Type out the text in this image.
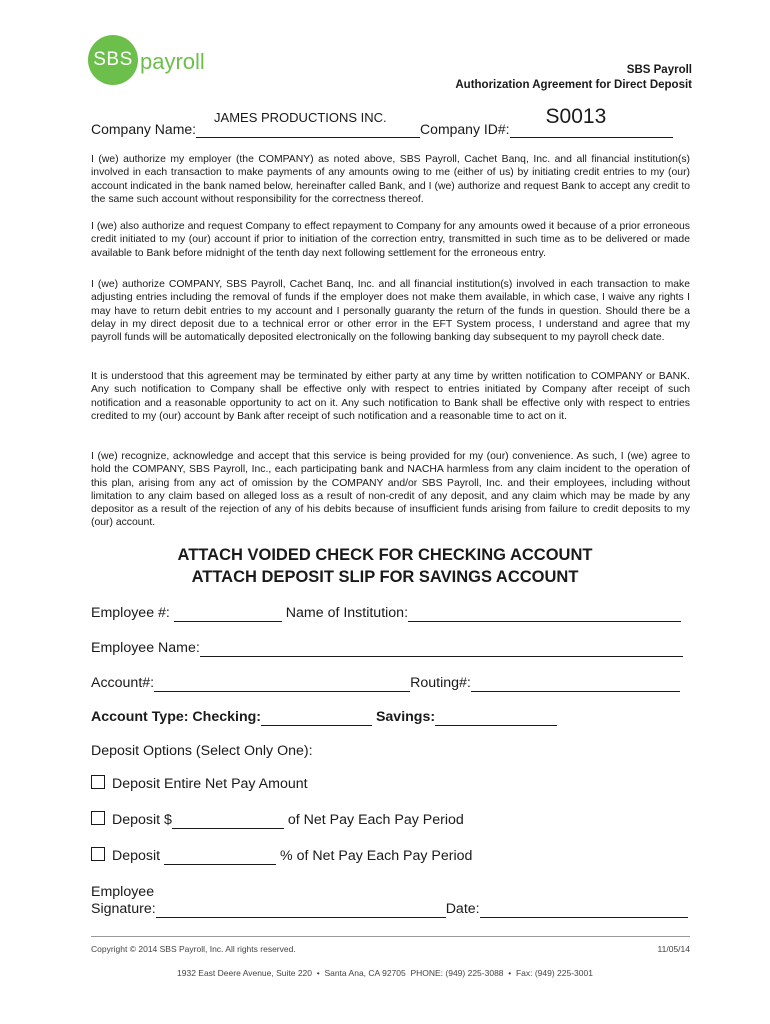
SBS payroll	SBS Payroll
Authorization Agreement for Direct Deposit
Company Name:
JAMES PRODUCTIONS INC.
Company ID#:
S0013

I (we) authorize my employer (the COMPANY) as noted above, SBS Payroll, Cachet Banq, Inc. and all financial institution(s) involved in each transaction to make payments of any amounts owing to me (either of us) by initiating credit entries to my (our) account indicated in the bank named below, hereinafter called Bank, and I (we) authorize and request Bank to accept any credit to the same such account without responsibility for the correctness thereof.
I (we) also authorize and request Company to effect repayment to Company for any amounts owed it because of a prior erroneous credit initiated to my (our) account if prior to initiation of the correction entry, transmitted in such time as to be delivered or made available to Bank before midnight of the tenth day next following settlement for the erroneous entry.
I (we) authorize COMPANY, SBS Payroll, Cachet Banq, Inc. and all financial institution(s) involved in each transaction to make adjusting entries including the removal of funds if the employer does not make them available, in which case, I waive any rights I may have to return debit entries to my account and I personally guaranty the return of the funds in question. Should there be a delay in my direct deposit due to a technical error or other error in the EFT System process, I understand and agree that my payroll funds will be automatically deposited electronically on the following banking day subsequent to my payroll check date.
It is understood that this agreement may be terminated by either party at any time by written notification to COMPANY or BANK. Any such notification to Company shall be effective only with respect to entries initiated by Company after receipt of such notification and a reasonable opportunity to act on it. Any such notification to Bank shall be effective only with respect to entries credited to my (our) account by Bank after receipt of such notification and a reasonable time to act on it.
I (we) recognize, acknowledge and accept that this service is being provided for my (our) convenience. As such, I (we) agree to hold the COMPANY, SBS Payroll, Inc., each participating bank and NACHA harmless from any claim incident to the operation of this plan, arising from any act of omission by the COMPANY and/or SBS Payroll, Inc. and their employees, including without limitation to any claim based on alleged loss as a result of non-credit of any deposit, and any claim which may be made by any depositor as a result of the rejection of any of his debits because of insufficient funds arising from failure to credit deposits to my (our) account.
ATTACH VOIDED CHECK FOR CHECKING ACCOUNT
ATTACH DEPOSIT SLIP FOR SAVINGS ACCOUNT
Employee #:	Name of Institution:
Employee Name:
Account#:	Routing#:
Account Type: Checking:	Savings:
Deposit Options (Select Only One):
Deposit Entire Net Pay Amount
Deposit $	of Net Pay Each Pay Period
Deposit	% of Net Pay Each Pay Period
Employee
Signature:	Date:
Copyright © 2014 SBS Payroll, Inc. All rights reserved.	11/05/14
1932 East Deere Avenue, Suite 220  •  Santa Ana, CA 92705  PHONE: (949) 225-3088  •  Fax: (949) 225-3001
